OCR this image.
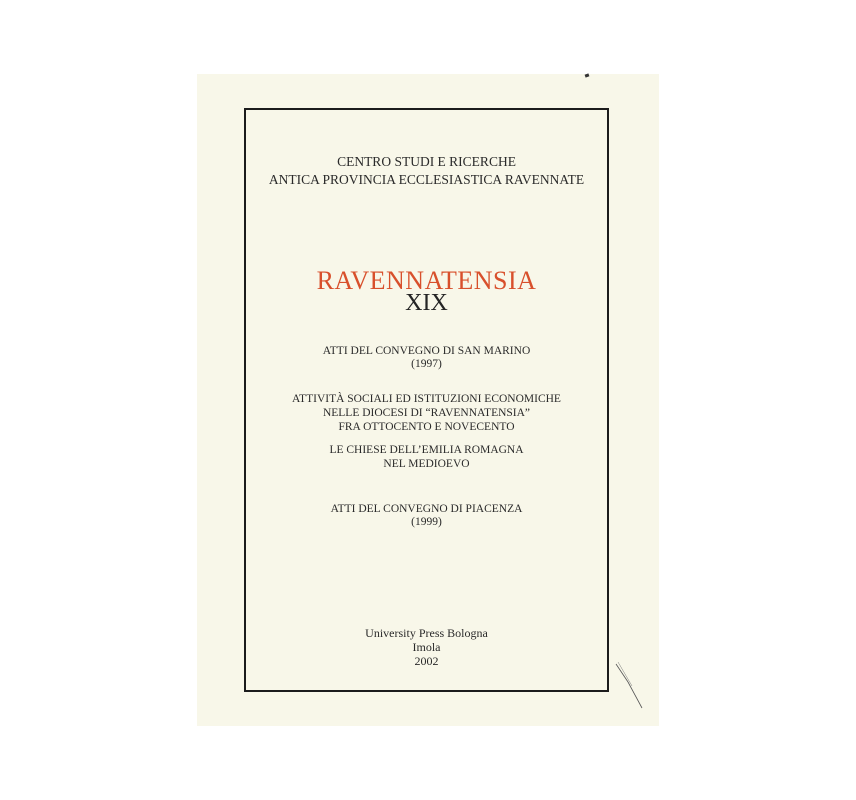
CENTRO STUDI E RICERCHE
ANTICA PROVINCIA ECCLESIASTICA RAVENNATE
RAVENNATENSIA
XIX
ATTI DEL CONVEGNO DI SAN MARINO
(1997)
ATTIVITÀ SOCIALI ED ISTITUZIONI ECONOMICHE
NELLE DIOCESI DI “RAVENNATENSIA”
FRA OTTOCENTO E NOVECENTO
LE CHIESE DELL’EMILIA ROMAGNA
NEL MEDIOEVO
ATTI DEL CONVEGNO DI PIACENZA
(1999)
University Press Bologna
Imola
2002
